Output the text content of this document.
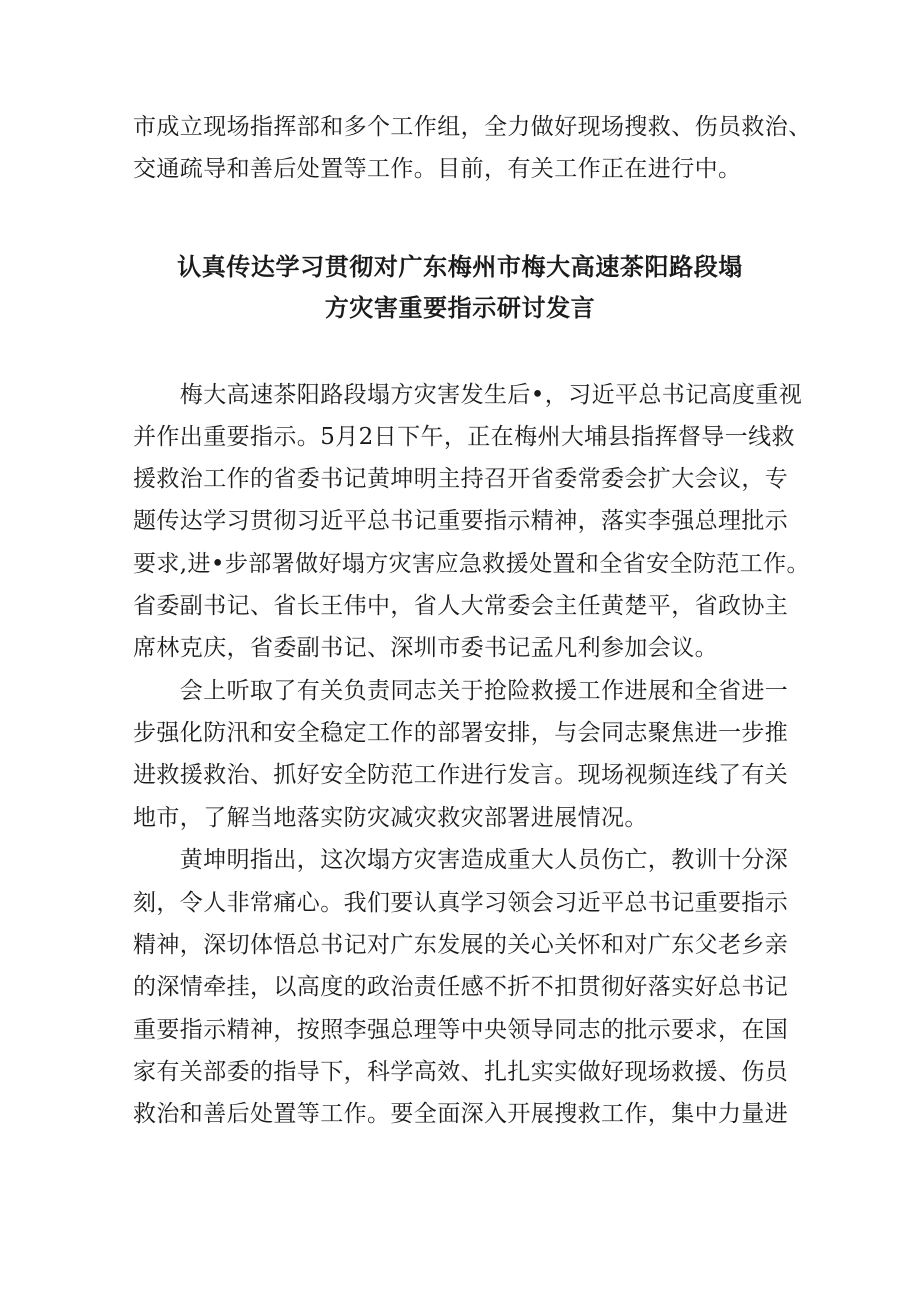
市成立现场指挥部和多个工作组，全力做好现场搜救、伤员救治、
交通疏导和善后处置等工作。目前，有关工作正在进行中。
认真传达学习贯彻对广东梅州市梅大高速茶阳路段塌
方灾害重要指示研讨发言
　　梅大高速茶阳路段塌方灾害发生后•，习近平总书记高度重视
并作出重要指示。5月2日下午，正在梅州大埔县指挥督导一线救
援救治工作的省委书记黄坤明主持召开省委常委会扩大会议，专
题传达学习贯彻习近平总书记重要指示精神，落实李强总理批示
要求,进•步部署做好塌方灾害应急救援处置和全省安全防范工作。
省委副书记、省长王伟中，省人大常委会主任黄楚平，省政协主
席林克庆，省委副书记、深圳市委书记孟凡利参加会议。
　　会上听取了有关负责同志关于抢险救援工作进展和全省进一
步强化防汛和安全稳定工作的部署安排，与会同志聚焦进一步推
进救援救治、抓好安全防范工作进行发言。现场视频连线了有关
地市，了解当地落实防灾减灾救灾部署进展情况。
　　黄坤明指出，这次塌方灾害造成重大人员伤亡，教训十分深
刻，令人非常痛心。我们要认真学习领会习近平总书记重要指示
精神，深切体悟总书记对广东发展的关心关怀和对广东父老乡亲
的深情牵挂，以高度的政治责任感不折不扣贯彻好落实好总书记
重要指示精神，按照李强总理等中央领导同志的批示要求，在国
家有关部委的指导下，科学高效、扎扎实实做好现场救援、伤员
救治和善后处置等工作。要全面深入开展搜救工作，集中力量进
